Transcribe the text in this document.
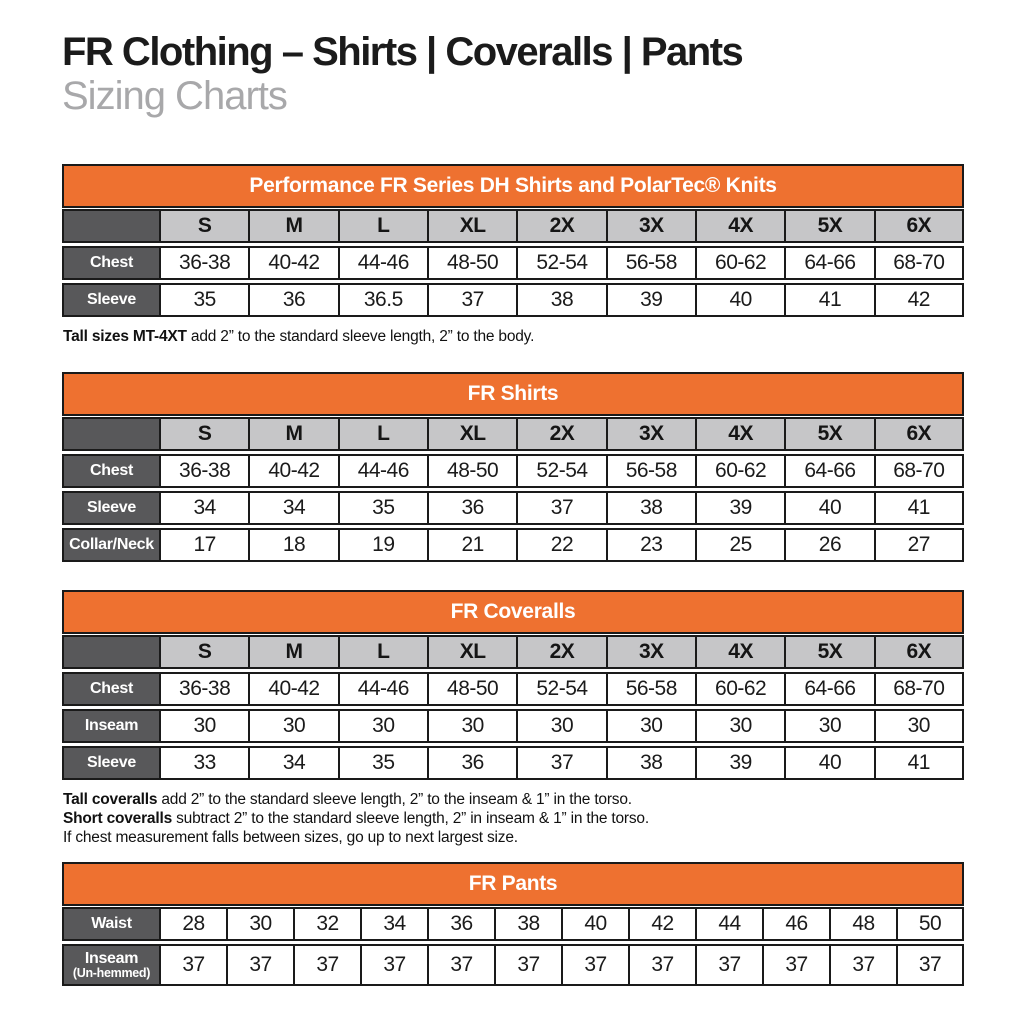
FR Clothing – Shirts | Coveralls | Pants
Sizing Charts
Performance FR Series DH Shirts and PolarTec® Knits
	S	M	L	XL	2X	3X	4X	5X	6X
Chest	36-38	40-42	44-46	48-50	52-54	56-58	60-62	64-66	68-70
Sleeve	35	36	36.5	37	38	39	40	41	42

Tall sizes MT-4XT add 2” to the standard sleeve length, 2” to the body.

FR Shirts
	S	M	L	XL	2X	3X	4X	5X	6X
Chest	36-38	40-42	44-46	48-50	52-54	56-58	60-62	64-66	68-70
Sleeve	34	34	35	36	37	38	39	40	41
Collar/Neck	17	18	19	21	22	23	25	26	27
FR Coveralls
	S	M	L	XL	2X	3X	4X	5X	6X
Chest	36-38	40-42	44-46	48-50	52-54	56-58	60-62	64-66	68-70
Inseam	30	30	30	30	30	30	30	30	30
Sleeve	33	34	35	36	37	38	39	40	41

Tall coveralls add 2” to the standard sleeve length, 2” to the inseam & 1” in the torso.

Short coveralls subtract 2” to the standard sleeve length, 2” in inseam & 1” in the torso.

If chest measurement falls between sizes, go up to next largest size.

FR Pants
Waist	28	30	32	34	36	38	40	42	44	46	48	50
Inseam
(Un-hemmed)	37	37	37	37	37	37	37	37	37	37	37	37
